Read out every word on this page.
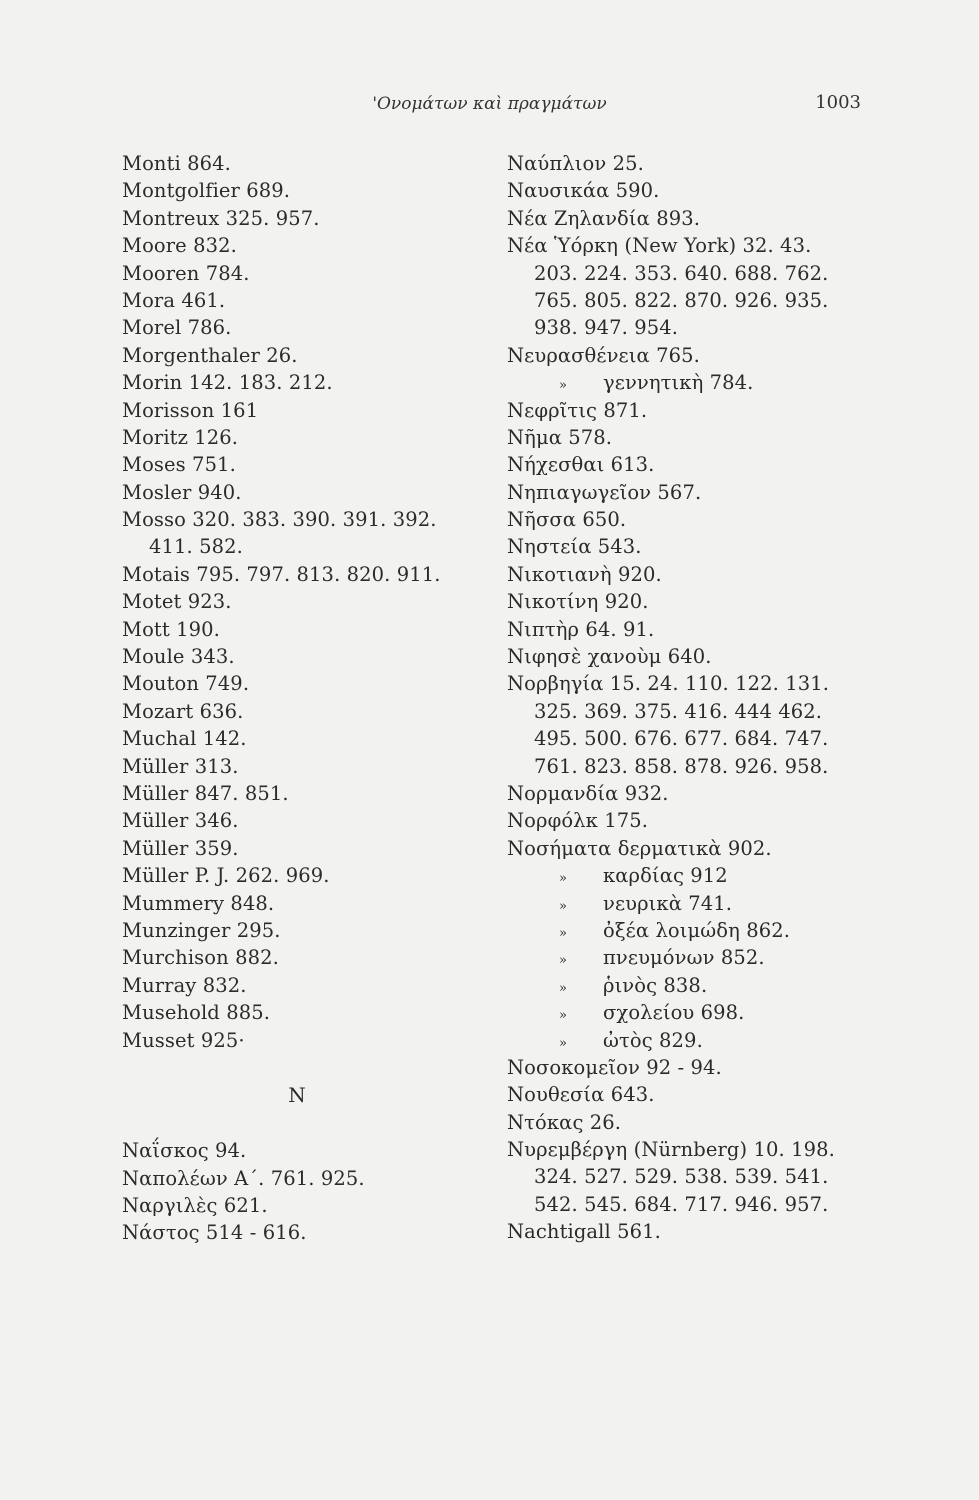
'Ονομάτων καὶ πραγμάτων	1003
Monti 864.
Montgolfier 689.
Montreux 325. 957.
Moore 832.
Mooren 784.
Mora 461.
Morel 786.
Morgenthaler 26.
Morin 142. 183. 212.
Morisson 161
Moritz 126.
Moses 751.
Mosler 940.
Mosso 320. 383. 390. 391. 392.
411. 582.
Motais 795. 797. 813. 820. 911.
Motet 923.
Mott 190.
Moule 343.
Mouton 749.
Mozart 636.
Muchal 142.
Müller 313.
Müller 847. 851.
Müller 346.
Müller 359.
Müller P. J. 262. 969.
Mummery 848.
Munzinger 295.
Murchison 882.
Murray 832.
Musehold 885.
Musset 925·
N
Ναΐσκος 94.
Ναπολέων Α΄. 761. 925.
Ναργιλὲς 621.
Νάστος 514 - 616.
Ναύπλιον 25.
Ναυσικάα 590.
Νέα Ζηλανδία 893.
Νέα Ὑόρκη (New York) 32. 43.
203. 224. 353. 640. 688. 762.
765. 805. 822. 870. 926. 935.
938. 947. 954.
Νευρασθένεια 765.
» γεννητικὴ 784.
Νεφρῖτις 871.
Νῆμα 578.
Νήχεσθαι 613.
Νηπιαγωγεῖον 567.
Νῆσσα 650.
Νηστεία 543.
Νικοτιανὴ 920.
Νικοτίνη 920.
Νιπτὴρ 64. 91.
Νιφησὲ χανοὺμ 640.
Νορβηγία 15. 24. 110. 122. 131.
325. 369. 375. 416. 444 462.
495. 500. 676. 677. 684. 747.
761. 823. 858. 878. 926. 958.
Νορμανδία 932.
Νορφόλκ 175.
Νοσήματα δερματικὰ 902.
» καρδίας 912
» νευρικὰ 741.
» ὀξέα λοιμώδη 862.
» πνευμόνων 852.
» ῥινὸς 838.
» σχολείου 698.
» ὠτὸς 829.
Νοσοκομεῖον 92 - 94.
Νουθεσία 643.
Ντόκας 26.
Νυρεμβέργη (Nürnberg) 10. 198.
324. 527. 529. 538. 539. 541.
542. 545. 684. 717. 946. 957.
Nachtigall 561.
